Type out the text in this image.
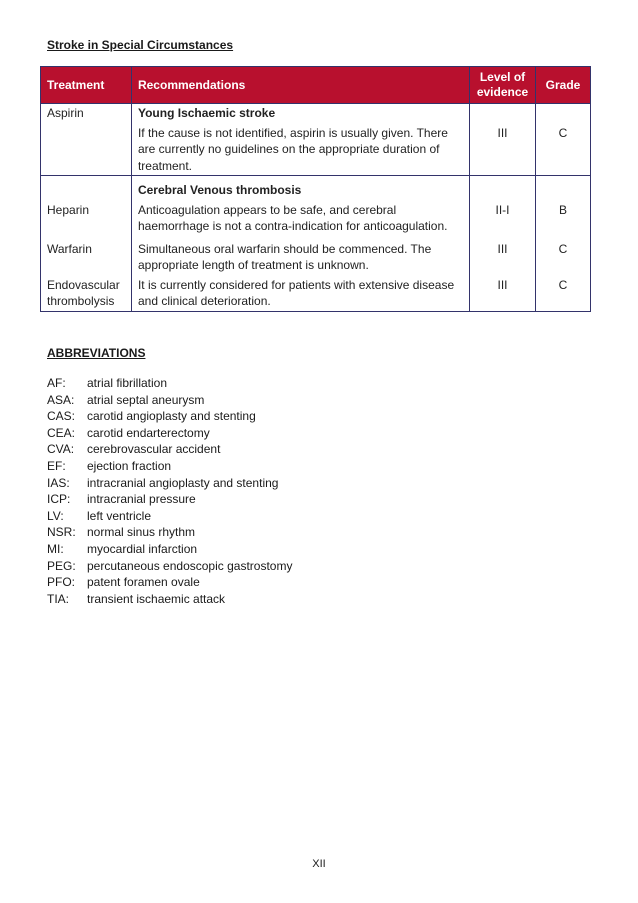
Stroke in Special Circumstances
Treatment	Recommendations	Level of evidence	Grade
Aspirin	Young Ischaemic stroke		
	If the cause is not identified, aspirin is usually given. There are currently no guidelines on the appropriate duration of treatment.	III	C
	Cerebral Venous thrombosis		
Heparin	Anticoagulation appears to be safe, and cerebral haemorrhage is not a contra-indication for anticoagulation.	II-I	B
Warfarin	Simultaneous oral warfarin should be commenced. The appropriate length of treatment is unknown.	III	C
Endovascular thrombolysis	It is currently considered for patients with extensive disease and clinical deterioration.	III	C
ABBREVIATIONS
AF:	atrial fibrillation
ASA:	atrial septal aneurysm
CAS: carotid angioplasty and stenting
CEA: carotid endarterectomy
CVA:	cerebrovascular accident
EF:	ejection fraction
IAS:	intracranial angioplasty and stenting
ICP:	intracranial pressure
LV:	left ventricle
NSR: normal sinus rhythm
MI:	myocardial infarction
PEG: percutaneous endoscopic gastrostomy
PFO: patent foramen ovale
TIA:	transient ischaemic attack
XII
